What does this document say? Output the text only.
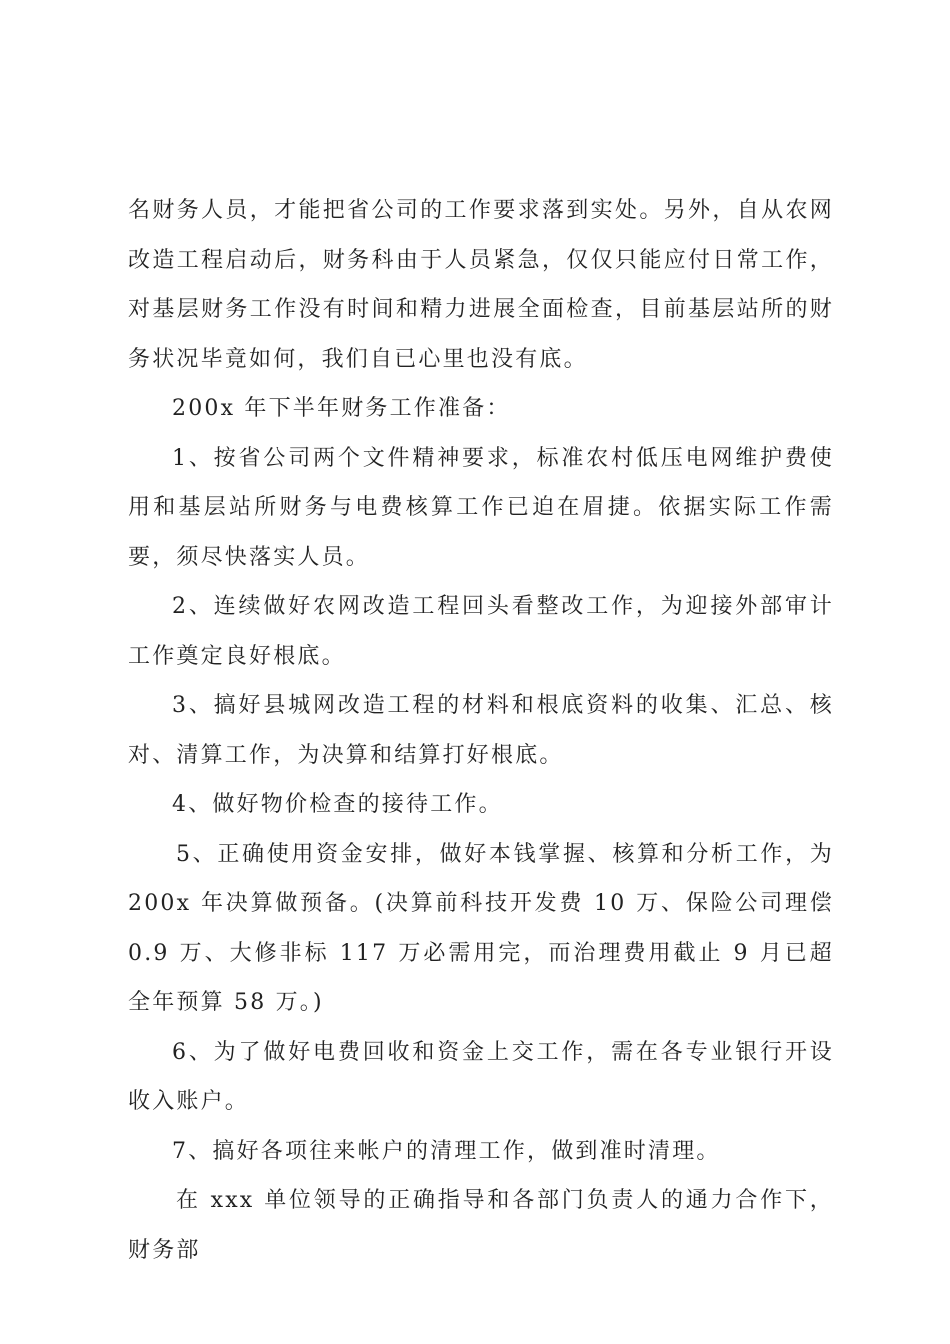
名财务人员，才能把省公司的工作要求落到实处。另外，自从农网改造工程启动后，财务科由于人员紧急，仅仅只能应付日常工作，对基层财务工作没有时间和精力进展全面检查，目前基层站所的财务状况毕竟如何，我们自已心里也没有底。

200x 年下半年财务工作准备：

1、按省公司两个文件精神要求，标准农村低压电网维护费使用和基层站所财务与电费核算工作已迫在眉捷。依据实际工作需要，须尽快落实人员。

2、连续做好农网改造工程回头看整改工作，为迎接外部审计工作奠定良好根底。

3、搞好县城网改造工程的材料和根底资料的收集、汇总、核对、清算工作，为决算和结算打好根底。

4、做好物价检查的接待工作。

5、正确使用资金安排，做好本钱掌握、核算和分析工作，为 200x 年决算做预备。(决算前科技开发费 10 万、保险公司理偿 0.9 万、大修非标 117 万必需用完，而治理费用截止 9 月已超全年预算 58 万。)

6、为了做好电费回收和资金上交工作，需在各专业银行开设收入账户。

7、搞好各项往来帐户的清理工作，做到准时清理。

在 xxx 单位领导的正确指导和各部门负责人的通力合作下，财务部
